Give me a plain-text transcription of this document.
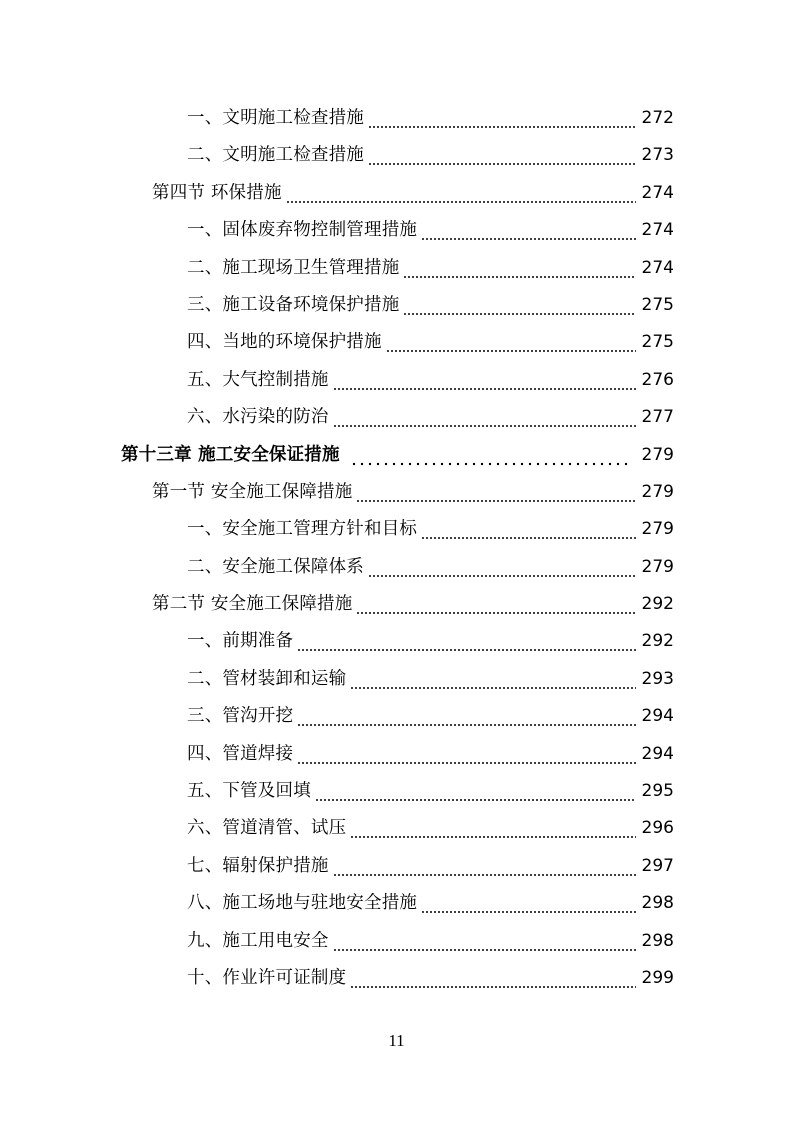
一、文明施工检查措施	272
二、文明施工检查措施	273
第四节 环保措施	274
一、固体废弃物控制管理措施	274
二、施工现场卫生管理措施	274
三、施工设备环境保护措施	275
四、当地的环境保护措施	275
五、大气控制措施	276
六、水污染的防治	277
第十三章 施工安全保证措施	279
第一节 安全施工保障措施	279
一、安全施工管理方针和目标	279
二、安全施工保障体系	279
第二节 安全施工保障措施	292
一、前期准备	292
二、管材装卸和运输	293
三、管沟开挖	294
四、管道焊接	294
五、下管及回填	295
六、管道清管、试压	296
七、辐射保护措施	297
八、施工场地与驻地安全措施	298
九、施工用电安全	298
十、作业许可证制度	299
11
